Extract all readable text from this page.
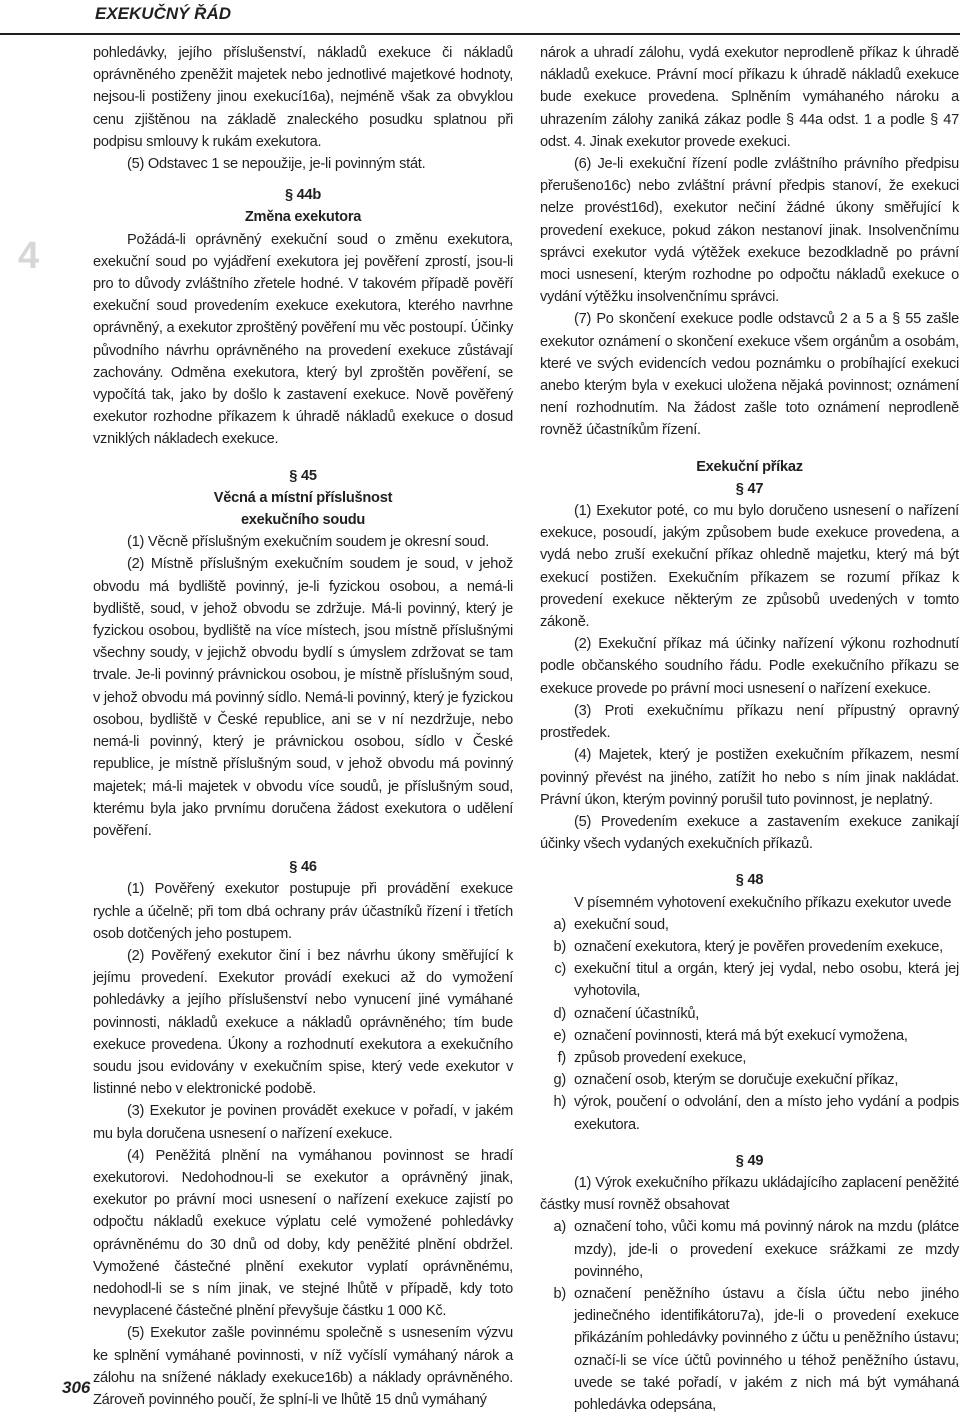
EXEKUČNÝ ŘÁD
4
306

pohledávky, jejího příslušenství, nákladů exekuce či nákladů oprávněného zpeněžit majetek nebo jednotlivé majetkové hodnoty, nejsou-li postiženy jinou exekucí16a), nejméně však za obvyklou cenu zjištěnou na základě znaleckého posudku splatnou při podpisu smlouvy k rukám exekutora.

(5) Odstavec 1 se nepoužije, je-li povinným stát.

§ 44b

Změna exekutora

Požádá-li oprávněný exekuční soud o změnu exekutora, exekuční soud po vyjádření exekutora jej pověření zprostí, jsou-li pro to důvody zvláštního zřetele hodné. V takovém případě pověří exekuční soud provedením exekuce exekutora, kterého navrhne oprávněný, a exekutor zproštěný pověření mu věc postoupí. Účinky původního návrhu oprávněného na provedení exekuce zůstávají zachovány. Odměna exekutora, který byl zproštěn pověření, se vypočítá tak, jako by došlo k zastavení exekuce. Nově pověřený exekutor rozhodne příkazem k úhradě nákladů exekuce o dosud vzniklých nákladech exekuce.

§ 45

Věcná a místní příslušnost exekučního soudu

(1) Věcně příslušným exekučním soudem je okresní soud.

(2) Místně příslušným exekučním soudem je soud, v jehož obvodu má bydliště povinný, je-li fyzickou osobou, a nemá-li bydliště, soud, v jehož obvodu se zdržuje. Má-li povinný, který je fyzickou osobou, bydliště na více místech, jsou místně příslušnými všechny soudy, v jejichž obvodu bydlí s úmyslem zdržovat se tam trvale. Je-li povinný právnickou osobou, je místně příslušným soud, v jehož obvodu má povinný sídlo. Nemá-li povinný, který je fyzickou osobou, bydliště v České republice, ani se v ní nezdržuje, nebo nemá-li povinný, který je právnickou osobou, sídlo v České republice, je místně příslušným soud, v jehož obvodu má povinný majetek; má-li majetek v obvodu více soudů, je příslušným soud, kterému byla jako prvnímu doručena žádost exekutora o udělení pověření.

§ 46

(1) Pověřený exekutor postupuje při provádění exekuce rychle a účelně; při tom dbá ochrany práv účastníků řízení i třetích osob dotčených jeho postupem.

(2) Pověřený exekutor činí i bez návrhu úkony směřující k jejímu provedení. Exekutor provádí exekuci až do vymožení pohledávky a jejího příslušenství nebo vynucení jiné vymáhané povinnosti, nákladů exekuce a nákladů oprávněného; tím bude exekuce provedena. Úkony a rozhodnutí exekutora a exekučního soudu jsou evidovány v exekučním spise, který vede exekutor v listinné nebo v elektronické podobě.

(3) Exekutor je povinen provádět exekuce v pořadí, v jakém mu byla doručena usnesení o nařízení exekuce.

(4) Peněžitá plnění na vymáhanou povinnost se hradí exekutorovi. Nedohodnou-li se exekutor a oprávněný jinak, exekutor po právní moci usnesení o nařízení exekuce zajistí po odpočtu nákladů exekuce výplatu celé vymožené pohledávky oprávněnému do 30 dnů od doby, kdy peněžité plnění obdržel. Vymožené částečné plnění exekutor vyplatí oprávněnému, nedohodl-li se s ním jinak, ve stejné lhůtě v případě, kdy toto nevyplacené částečné plnění převyšuje částku 1 000 Kč.

(5) Exekutor zašle povinnému společně s usnesením výzvu ke splnění vymáhané povinnosti, v níž vyčíslí vymáhaný nárok a zálohu na snížené náklady exekuce16b) a náklady oprávněného. Zároveň povinného poučí, že splní-li ve lhůtě 15 dnů vymáhaný

nárok a uhradí zálohu, vydá exekutor neprodleně příkaz k úhradě nákladů exekuce. Právní mocí příkazu k úhradě nákladů exekuce bude exekuce provedena. Splněním vymáhaného nároku a uhrazením zálohy zaniká zákaz podle § 44a odst. 1 a podle § 47 odst. 4. Jinak exekutor provede exekuci.

(6) Je-li exekuční řízení podle zvláštního právního předpisu přerušeno16c) nebo zvláštní právní předpis stanoví, že exekuci nelze provést16d), exekutor nečiní žádné úkony směřující k provedení exekuce, pokud zákon nestanoví jinak. Insolvenčnímu správci exekutor vydá výtěžek exekuce bezodkladně po právní moci usnesení, kterým rozhodne po odpočtu nákladů exekuce o vydání výtěžku insolvenčnímu správci.

(7) Po skončení exekuce podle odstavců 2 a 5 a § 55 zašle exekutor oznámení o skončení exekuce všem orgánům a osobám, které ve svých evidencích vedou poznámku o probíhající exekuci anebo kterým byla v exekuci uložena nějaká povinnost; oznámení není rozhodnutím. Na žádost zašle toto oznámení neprodleně rovněž účastníkům řízení.

Exekuční příkaz

§ 47

(1) Exekutor poté, co mu bylo doručeno usnesení o nařízení exekuce, posoudí, jakým způsobem bude exekuce provedena, a vydá nebo zruší exekuční příkaz ohledně majetku, který má být exekucí postižen. Exekučním příkazem se rozumí příkaz k provedení exekuce některým ze způsobů uvedených v tomto zákoně.

(2) Exekuční příkaz má účinky nařízení výkonu rozhodnutí podle občanského soudního řádu. Podle exekučního příkazu se exekuce provede po právní moci usnesení o nařízení exekuce.

(3) Proti exekučnímu příkazu není přípustný opravný prostředek.

(4) Majetek, který je postižen exekučním příkazem, nesmí povinný převést na jiného, zatížit ho nebo s ním jinak nakládat. Právní úkon, kterým povinný porušil tuto povinnost, je neplatný.

(5) Provedením exekuce a zastavením exekuce zanikají účinky všech vydaných exekučních příkazů.

§ 48

V písemném vyhotovení exekučního příkazu exekutor uvede

a) exekuční soud,
b) označení exekutora, který je pověřen provedením exekuce,
c) exekuční titul a orgán, který jej vydal, nebo osobu, která jej vyhotovila,
d) označení účastníků,
e) označení povinnosti, která má být exekucí vymožena,
f) způsob provedení exekuce,
g) označení osob, kterým se doručuje exekuční příkaz,
h) výrok, poučení o odvolání, den a místo jeho vydání a podpis exekutora.

§ 49

(1) Výrok exekučního příkazu ukládajícího zaplacení peněžité částky musí rovněž obsahovat

a) označení toho, vůči komu má povinný nárok na mzdu (plátce mzdy), jde-li o provedení exekuce srážkami ze mzdy povinného,
b) označení peněžního ústavu a čísla účtu nebo jiného jedinečného identifikátoru7a), jde-li o provedení exekuce přikázáním pohledávky povinného z účtu u peněžního ústavu; označí-li se více účtů povinného u téhož peněžního ústavu, uvede se také pořadí, v jakém z nich má být vymáhaná pohledávka odepsána,
